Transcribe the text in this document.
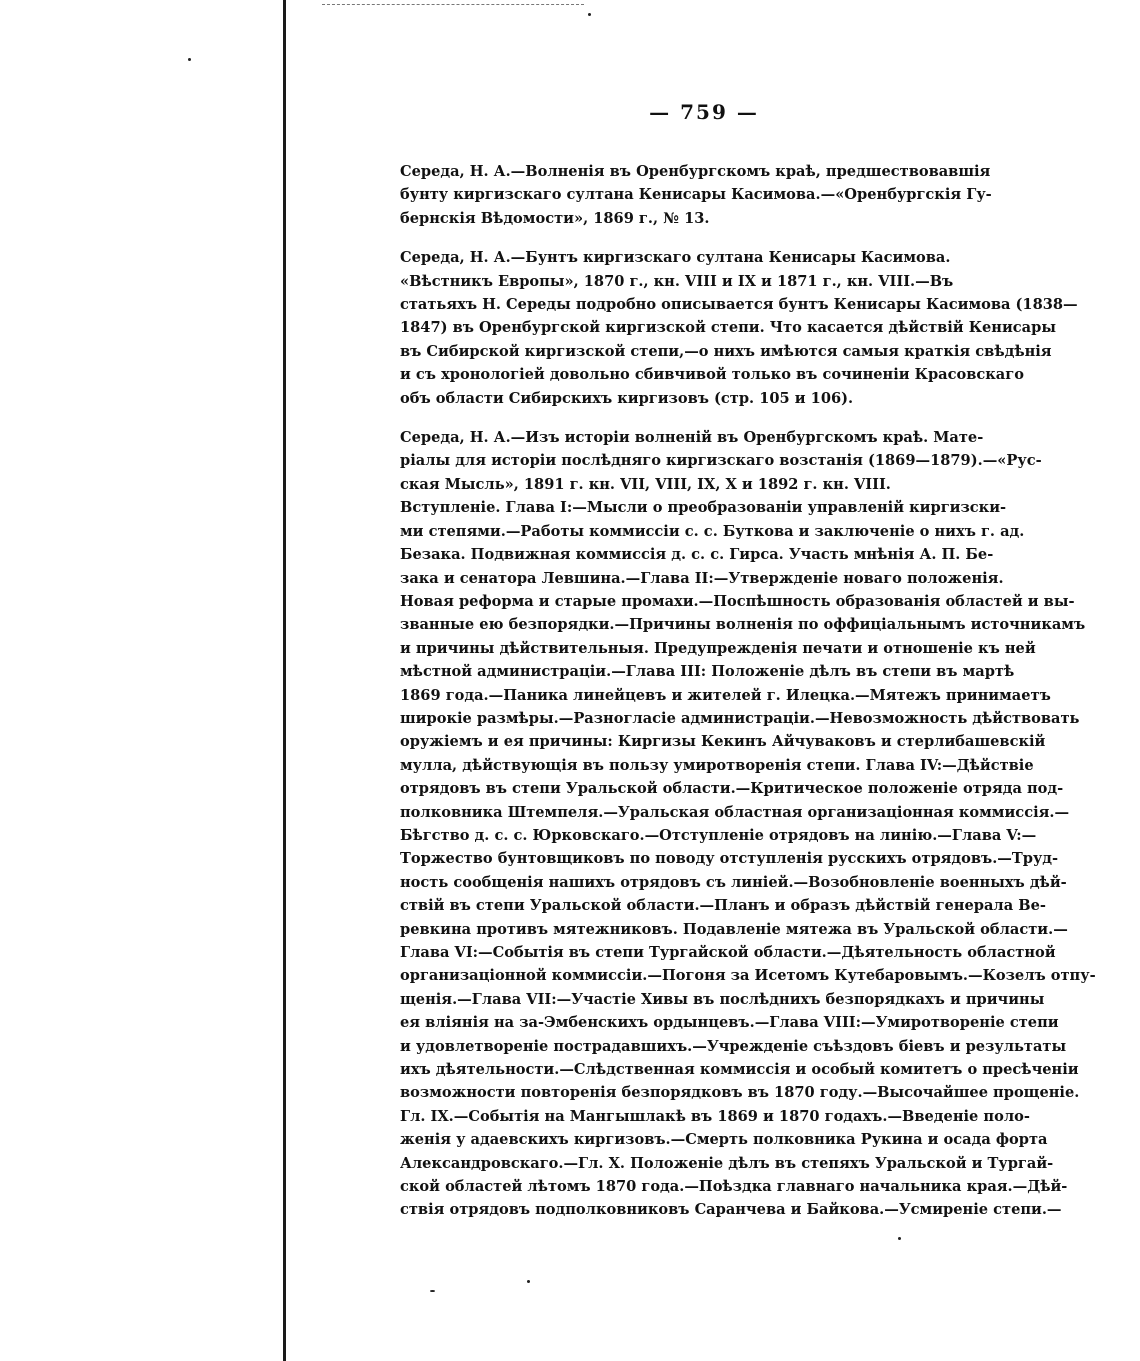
— 759 —
Середа, Н. А.—Волненія въ Оренбургскомъ краѣ, предшествовавшія
бунту киргизскаго султана Кенисары Касимова.—«Оренбургскія Гу-
бернскія Вѣдомости», 1869 г., № 13.
Середа, Н. А.—Бунтъ киргизскаго султана Кенисары Касимова.
«Вѣстникъ Европы», 1870 г., кн. VIII и IX и 1871 г., кн. VIII.—Въ
статьяхъ Н. Середы подробно описывается бунтъ Кенисары Касимова (1838—
1847) въ Оренбургской киргизской степи. Что касается дѣйствій Кенисары
въ Сибирской киргизской степи,—о нихъ имѣются самыя краткія свѣдѣнія
и съ хронологіей довольно сбивчивой только въ сочиненіи Красовскаго
объ области Сибирскихъ киргизовъ (стр. 105 и 106).
Середа, Н. А.—Изъ исторіи волненій въ Оренбургскомъ краѣ. Мате-
ріалы для исторіи послѣдняго киргизскаго возстанія (1869—1879).—«Рус-
ская Мысль», 1891 г. кн. VII, VIII, IX, X и 1892 г. кн. VIII.
Вступленіе. Глава I:—Мысли о преобразованіи управленій киргизски-
ми степями.—Работы коммиссіи с. с. Буткова и заключеніе о нихъ г. ад.
Безака. Подвижная коммиссія д. с. с. Гирса. Участь мнѣнія А. П. Бе-
зака и сенатора Левшина.—Глава II:—Утвержденіе новаго положенія.
Новая реформа и старые промахи.—Поспѣшность образованія областей и вы-
званные ею безпорядки.—Причины волненія по оффиціальнымъ источникамъ
и причины дѣйствительныя. Предупрежденія печати и отношеніе къ ней
мѣстной администраціи.—Глава III: Положеніе дѣлъ въ степи въ мартѣ
1869 года.—Паника линейцевъ и жителей г. Илецка.—Мятежъ принимаетъ
широкіе размѣры.—Разногласіе администраціи.—Невозможность дѣйствовать
оружіемъ и ея причины: Киргизы Кекинъ Айчуваковъ и стерлибашевскій
мулла, дѣйствующія въ пользу умиротворенія степи. Глава IV:—Дѣйствіе
отрядовъ въ степи Уральской области.—Критическое положеніе отряда под-
полковника Штемпеля.—Уральская областная организаціонная коммиссія.—
Бѣгство д. с. с. Юрковскаго.—Отступленіе отрядовъ на линію.—Глава V:—
Торжество бунтовщиковъ по поводу отступленія русскихъ отрядовъ.—Труд-
ность сообщенія нашихъ отрядовъ съ линіей.—Возобновленіе военныхъ дѣй-
ствій въ степи Уральской области.—Планъ и образъ дѣйствій генерала Ве-
ревкина противъ мятежниковъ. Подавленіе мятежа въ Уральской области.—
Глава VI:—Событія въ степи Тургайской области.—Дѣятельность областной
организаціонной коммиссіи.—Погоня за Исетомъ Кутебаровымъ.—Козелъ отпу-
щенія.—Глава VII:—Участіе Хивы въ послѣднихъ безпорядкахъ и причины
ея вліянія на за-Эмбенскихъ ордынцевъ.—Глава VIII:—Умиротвореніе степи
и удовлетвореніе пострадавшихъ.—Учрежденіе съѣздовъ біевъ и результаты
ихъ дѣятельности.—Слѣдственная коммиссія и особый комитетъ о пресѣченіи
возможности повторенія безпорядковъ въ 1870 году.—Высочайшее прощеніе.
Гл. IX.—Событія на Мангышлакѣ въ 1869 и 1870 годахъ.—Введеніе поло-
женія у адаевскихъ киргизовъ.—Смерть полковника Рукина и осада форта
Александровскаго.—Гл. X. Положеніе дѣлъ въ степяхъ Уральской и Тургай-
ской областей лѣтомъ 1870 года.—Поѣздка главнаго начальника края.—Дѣй-
ствія отрядовъ подполковниковъ Саранчева и Байкова.—Усмиреніе степи.—
